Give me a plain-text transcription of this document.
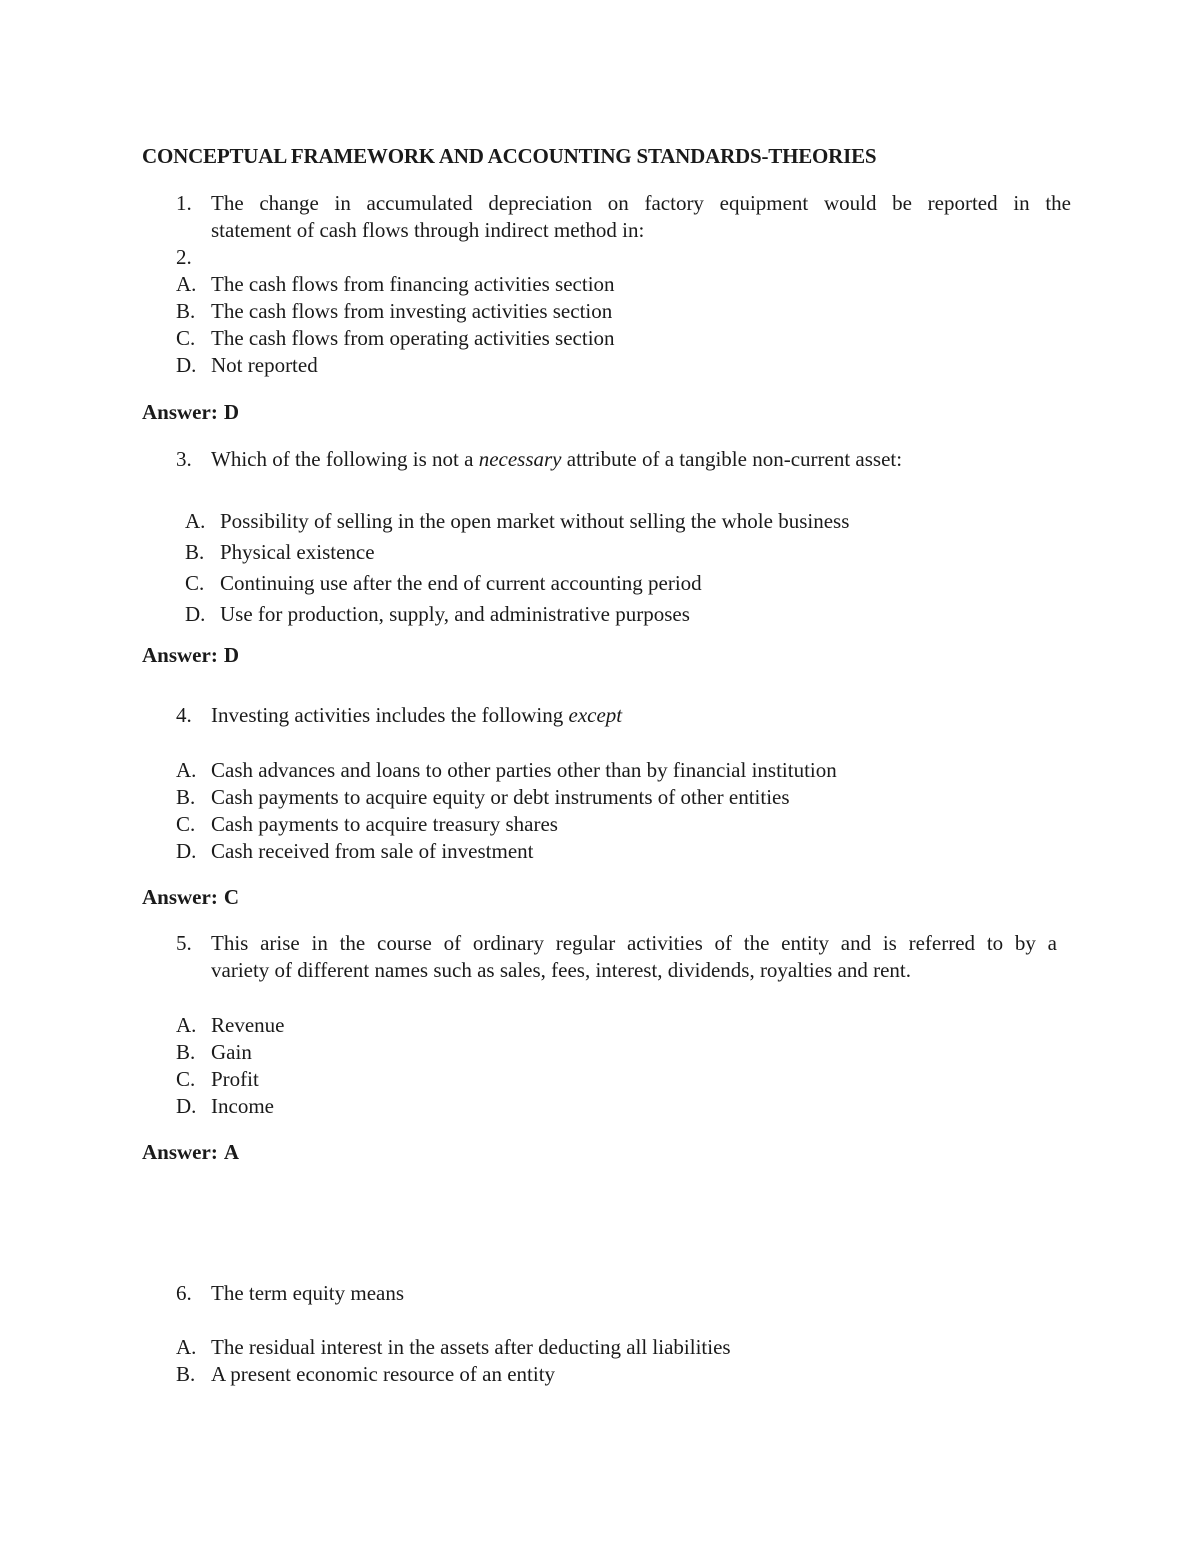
CONCEPTUAL FRAMEWORK AND ACCOUNTING STANDARDS-THEORIES
1. The change in accumulated depreciation on factory equipment would be reported in the
statement of cash flows through indirect method in:
2.
A. The cash flows from financing activities section
B. The cash flows from investing activities section
C. The cash flows from operating activities section
D. Not reported
Answer: D
3. Which of the following is not a necessary attribute of a tangible non-current asset:
A. Possibility of selling in the open market without selling the whole business
B. Physical existence
C. Continuing use after the end of current accounting period
D. Use for production, supply, and administrative purposes
Answer: D
4. Investing activities includes the following except
A. Cash advances and loans to other parties other than by financial institution
B. Cash payments to acquire equity or debt instruments of other entities
C. Cash payments to acquire treasury shares
D. Cash received from sale of investment
Answer: C
5. This arise in the course of ordinary regular activities of the entity and is referred to by a
variety of different names such as sales, fees, interest, dividends, royalties and rent.
A. Revenue
B. Gain
C. Profit
D. Income
Answer: A
6. The term equity means
A. The residual interest in the assets after deducting all liabilities
B. A present economic resource of an entity
